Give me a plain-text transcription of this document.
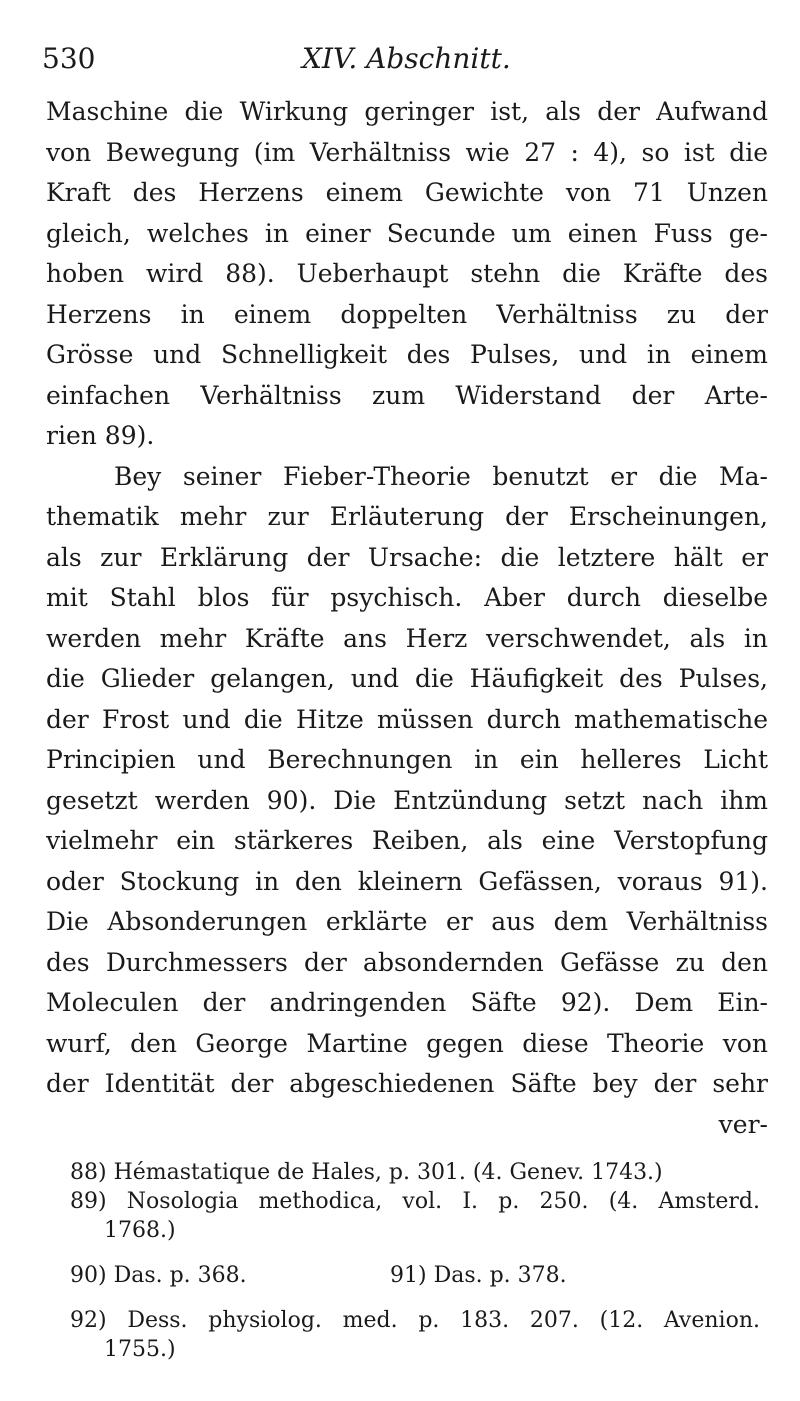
530	XIV. Abschnitt.
Maschine die Wirkung geringer ist, als der Aufwand
von Bewegung (im Verhältniss wie 27 : 4), so ist die
Kraft des Herzens einem Gewichte von 71 Unzen
gleich, welches in einer Secunde um einen Fuss ge-
hoben wird 88). Ueberhaupt stehn die Kräfte des
Herzens in einem doppelten Verhältniss zu der
Grösse und Schnelligkeit des Pulses, und in einem
einfachen Verhältniss zum Widerstand der Arte-
rien 89).
Bey seiner Fieber-Theorie benutzt er die Ma-
thematik mehr zur Erläuterung der Erscheinungen,
als zur Erklärung der Ursache: die letztere hält er
mit Stahl blos für psychisch. Aber durch dieselbe
werden mehr Kräfte ans Herz verschwendet, als in
die Glieder gelangen, und die Häufigkeit des Pulses,
der Frost und die Hitze müssen durch mathematische
Principien und Berechnungen in ein helleres Licht
gesetzt werden 90). Die Entzündung setzt nach ihm
vielmehr ein stärkeres Reiben, als eine Verstopfung
oder Stockung in den kleinern Gefässen, voraus 91).
Die Absonderungen erklärte er aus dem Verhältniss
des Durchmessers der absondernden Gefässe zu den
Moleculen der andringenden Säfte 92). Dem Ein-
wurf, den George Martine gegen diese Theorie von
der Identität der abgeschiedenen Säfte bey der sehr
ver-
88) Hémastatique de Hales, p. 301. (4. Genev. 1743.)
89) Nosologia methodica, vol. I. p. 250. (4. Amsterd.
1768.)
90) Das. p. 368.	91) Das. p. 378.
92) Dess. physiolog. med. p. 183. 207. (12. Avenion.
1755.)
